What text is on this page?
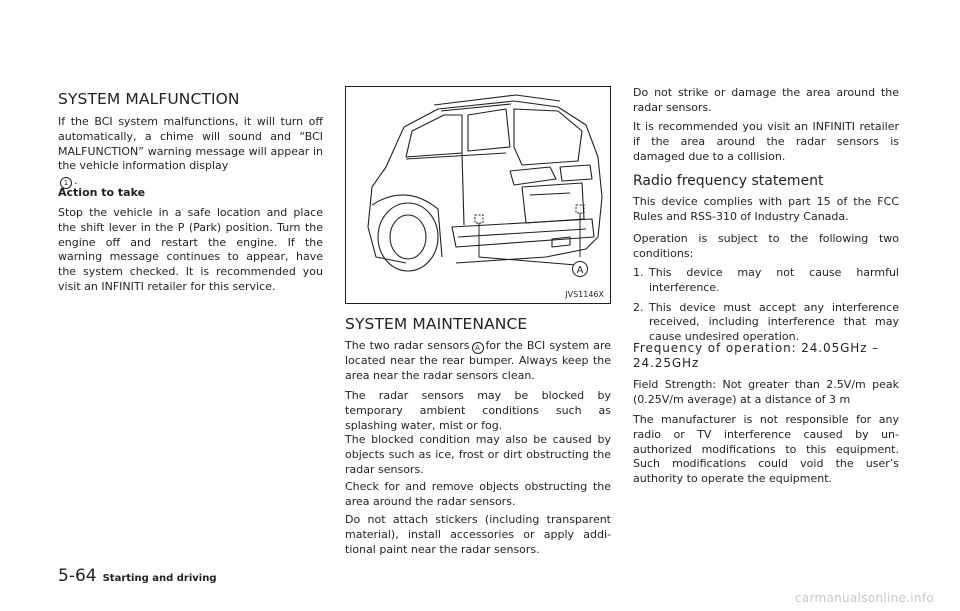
SYSTEM MALFUNCTION

If the BCI system malfunctions, it will turn off automatically, a chime will sound and “BCI MALFUNCTION” warning message will appear in the vehicle information display
1 .

Action to take

Stop the vehicle in a safe location and place the shift lever in the P (Park) position. Turn the engine off and restart the engine. If the warning message continues to appear, have the system checked. It is recommended you visit an INFINITI retailer for this service.

A
JVS1146X
SYSTEM MAINTENANCE

The two radar sensors A for the BCI system are located near the rear bumper. Always keep the area near the radar sensors clean.

The radar sensors may be blocked by temporary ambient conditions such as splashing water, mist or fog.

The blocked condition may also be caused by objects such as ice, frost or dirt obstructing the radar sensors.

Check for and remove objects obstructing the area around the radar sensors.

Do not attach stickers (including transparent material), install accessories or apply addi- tional paint near the radar sensors.

Do not strike or damage the area around the radar sensors.

It is recommended you visit an INFINITI retailer if the area around the radar sensors is damaged due to a collision.

Radio frequency statement

This device complies with part 15 of the FCC Rules and RSS-310 of Industry Canada.

Operation is subject to the following two conditions:

1. This device may not cause harmful interference.
2. This device must accept any interference received, including interference that may cause undesired operation.

Frequency of operation: 24.05GHz – 24.25GHz

Field Strength: Not greater than 2.5V/m peak (0.25V/m average) at a distance of 3 m

The manufacturer is not responsible for any radio or TV interference caused by un- authorized modifications to this equipment. Such modifications could void the user’s authority to operate the equipment.

5-64 Starting and driving
carmanualsonline.info
